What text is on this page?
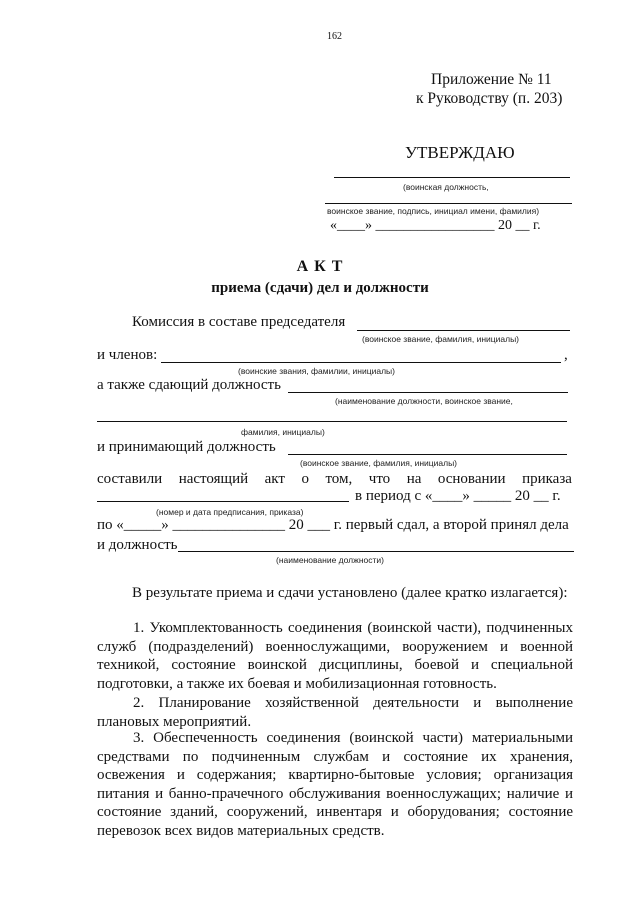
162
Приложение № 11
к Руководству (п. 203)
УТВЕРЖДАЮ
(воинская должность,
воинское звание, подпись, инициал имени, фамилия)
«____» _________________ 20 __ г.
А К Т
приема (сдачи) дел и должности
Комиссия в составе председателя
(воинское звание, фамилия, инициалы)
и членов:	,
(воинские звания, фамилии, инициалы)
а также сдающий должность
(наименование должности, воинское звание,
фамилия, инициалы)
и принимающий должность
(воинское звание, фамилия, инициалы)
составили настоящий акт о том, что на основании приказа
в период с «____» _____ 20 __ г.
(номер и дата предписания, приказа)
по «_____» _______________ 20 ___ г. первый сдал, а второй принял дела
и должность
(наименование должности)
В результате приема и сдачи установлено (далее кратко излагается):
1. Укомплектованность соединения (воинской части), подчиненных служб (подразделений) военнослужащими, вооружением и военной техникой, состояние воинской дисциплины, боевой и специальной подготовки, а также их боевая и мобилизационная готовность.
2. Планирование хозяйственной деятельности и выполнение плановых мероприятий.
3. Обеспеченность соединения (воинской части) материальными средствами по подчиненным службам и состояние их хранения, освежения и содержания; квартирно-бытовые условия; организация питания и банно-прачечного обслуживания военнослужащих; наличие и состояние зданий, сооружений, инвентаря и оборудования; состояние перевозок всех видов материальных средств.
